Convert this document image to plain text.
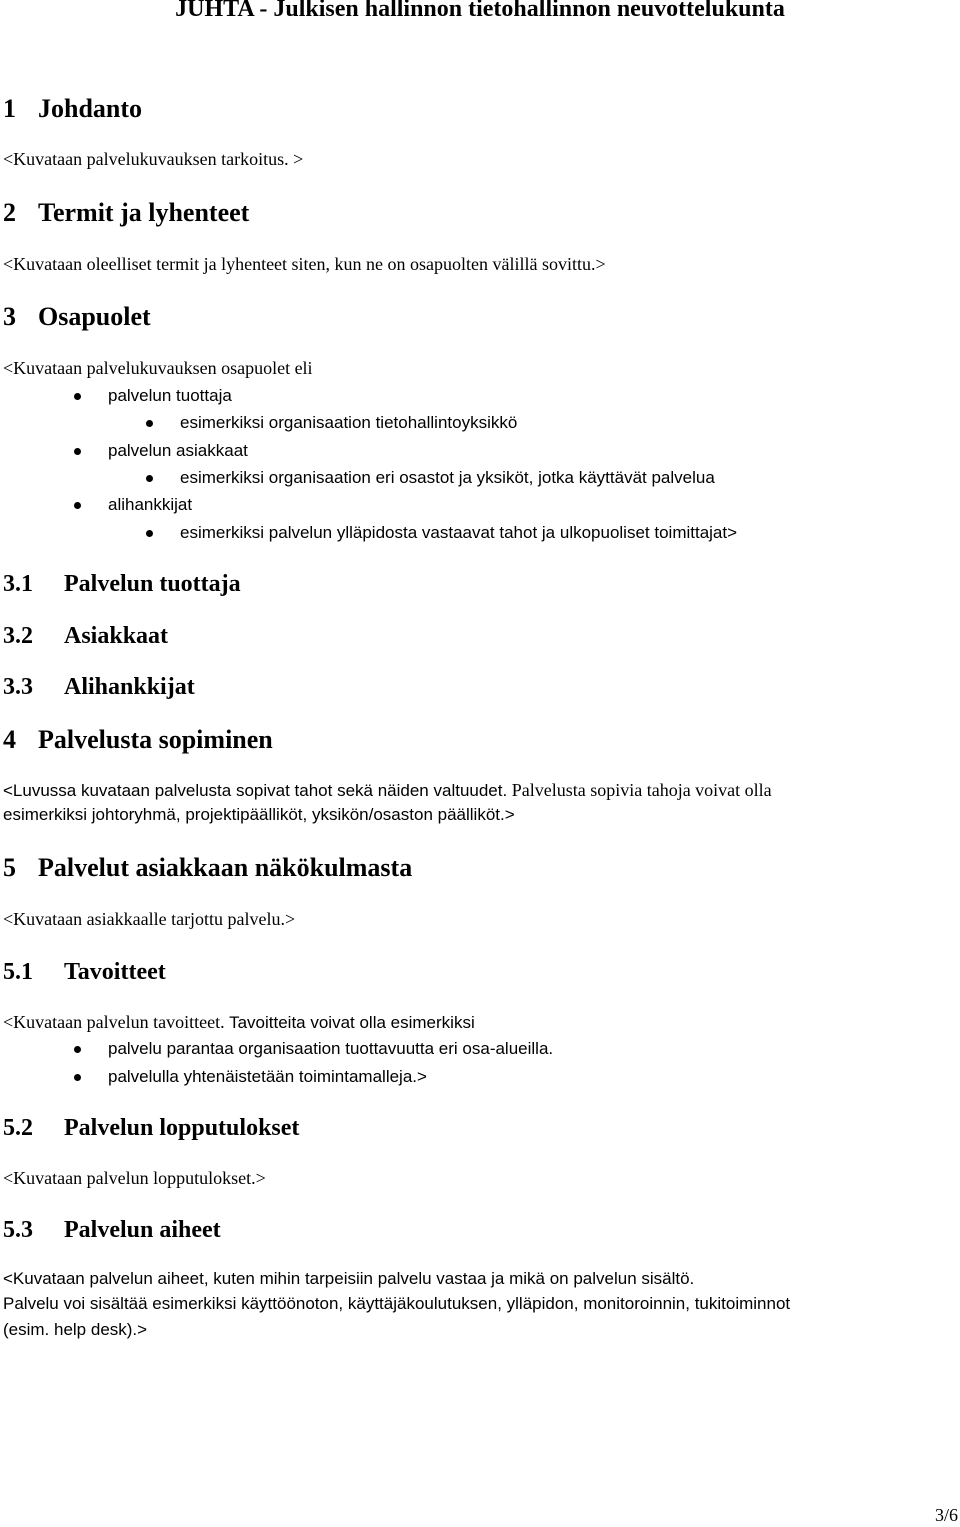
JUHTA - Julkisen hallinnon tietohallinnon neuvottelukunta
1 Johdanto
<Kuvataan palvelukuvauksen tarkoitus. >
2 Termit ja lyhenteet
<Kuvataan oleelliset termit ja lyhenteet siten, kun ne on osapuolten välillä sovittu.>
3 Osapuolet
<Kuvataan palvelukuvauksen osapuolet eli
palvelun tuottaja
esimerkiksi organisaation tietohallintoyksikkö
palvelun asiakkaat
esimerkiksi organisaation eri osastot ja yksiköt, jotka käyttävät palvelua
alihankkijat
esimerkiksi palvelun ylläpidosta vastaavat tahot ja ulkopuoliset toimittajat>
3.1 Palvelun tuottaja
3.2 Asiakkaat
3.3 Alihankkijat
4 Palvelusta sopiminen
<Luvussa kuvataan palvelusta sopivat tahot sekä näiden valtuudet. Palvelusta sopivia tahoja voivat olla
esimerkiksi johtoryhmä, projektipäälliköt, yksikön/osaston päälliköt.>
5 Palvelut asiakkaan näkökulmasta
<Kuvataan asiakkaalle tarjottu palvelu.>
5.1 Tavoitteet
<Kuvataan palvelun tavoitteet. Tavoitteita voivat olla esimerkiksi
palvelu parantaa organisaation tuottavuutta eri osa-alueilla.
palvelulla yhtenäistetään toimintamalleja.>
5.2 Palvelun lopputulokset
<Kuvataan palvelun lopputulokset.>
5.3 Palvelun aiheet
<Kuvataan palvelun aiheet, kuten mihin tarpeisiin palvelu vastaa ja mikä on palvelun sisältö.
Palvelu voi sisältää esimerkiksi käyttöönoton, käyttäjäkoulutuksen, ylläpidon, monitoroinnin, tukitoiminnot
(esim. help desk).>
3/6
